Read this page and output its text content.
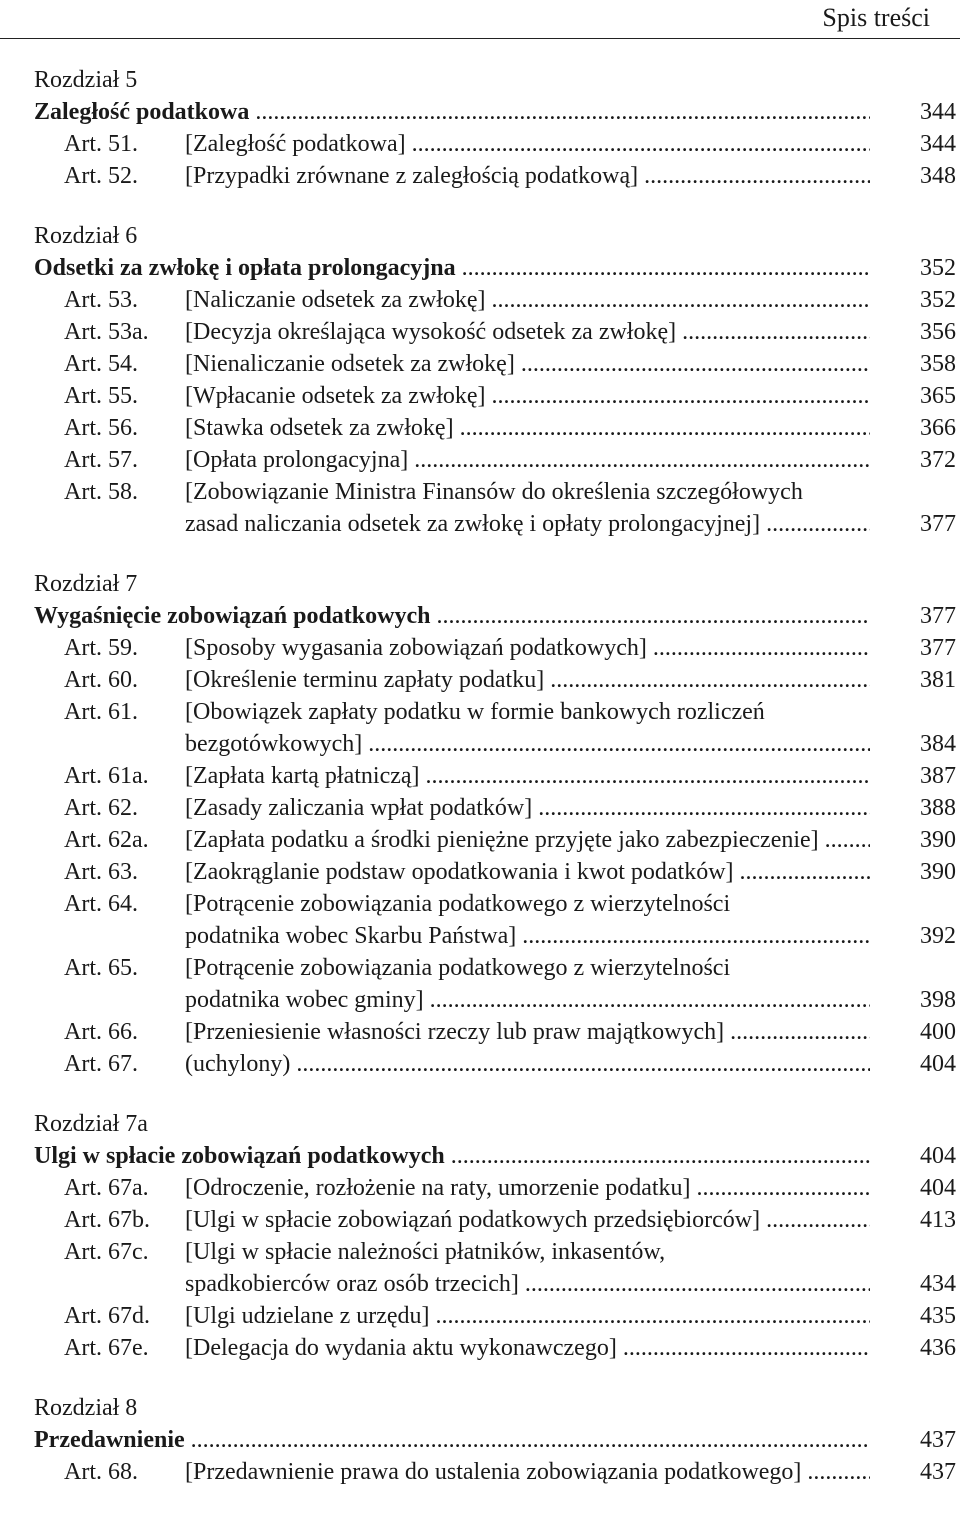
Spis treści
Rozdział 5
Zaległość podatkowa .....	344
Art. 51. [Zaległość podatkowa] .....	344
Art. 52. [Przypadki zrównane z zaległością podatkową] .....	348
Rozdział 6
Odsetki za zwłokę i opłata prolongacyjna .....	352
Art. 53. [Naliczanie odsetek za zwłokę] .....	352
Art. 53a. [Decyzja określająca wysokość odsetek za zwłokę] .....	356
Art. 54. [Nienaliczanie odsetek za zwłokę] .....	358
Art. 55. [Wpłacanie odsetek za zwłokę] .....	365
Art. 56. [Stawka odsetek za zwłokę] .....	366
Art. 57. [Opłata prolongacyjna] .....	372
Art. 58. [Zobowiązanie Ministra Finansów do określenia szczegółowych
zasad naliczania odsetek za zwłokę i opłaty prolongacyjnej] .....	377
Rozdział 7
Wygaśnięcie zobowiązań podatkowych .....	377
Art. 59. [Sposoby wygasania zobowiązań podatkowych] .....	377
Art. 60. [Określenie terminu zapłaty podatku] .....	381
Art. 61. [Obowiązek zapłaty podatku w formie bankowych rozliczeń
bezgotówkowych] .....	384
Art. 61a. [Zapłata kartą płatniczą] .....	387
Art. 62. [Zasady zaliczania wpłat podatków] .....	388
Art. 62a. [Zapłata podatku a środki pieniężne przyjęte jako zabezpieczenie] .....	390
Art. 63. [Zaokrąglanie podstaw opodatkowania i kwot podatków] .....	390
Art. 64. [Potrącenie zobowiązania podatkowego z wierzytelności
podatnika wobec Skarbu Państwa] .....	392
Art. 65. [Potrącenie zobowiązania podatkowego z wierzytelności
podatnika wobec gminy] .....	398
Art. 66. [Przeniesienie własności rzeczy lub praw majątkowych] .....	400
Art. 67. (uchylony) .....	404
Rozdział 7a
Ulgi w spłacie zobowiązań podatkowych .....	404
Art. 67a. [Odroczenie, rozłożenie na raty, umorzenie podatku] .....	404
Art. 67b. [Ulgi w spłacie zobowiązań podatkowych przedsiębiorców] .....	413
Art. 67c. [Ulgi w spłacie należności płatników, inkasentów,
spadkobierców oraz osób trzecich] .....	434
Art. 67d. [Ulgi udzielane z urzędu] .....	435
Art. 67e. [Delegacja do wydania aktu wykonawczego] .....	436
Rozdział 8
Przedawnienie .....	437
Art. 68. [Przedawnienie prawa do ustalenia zobowiązania podatkowego] .....	437
